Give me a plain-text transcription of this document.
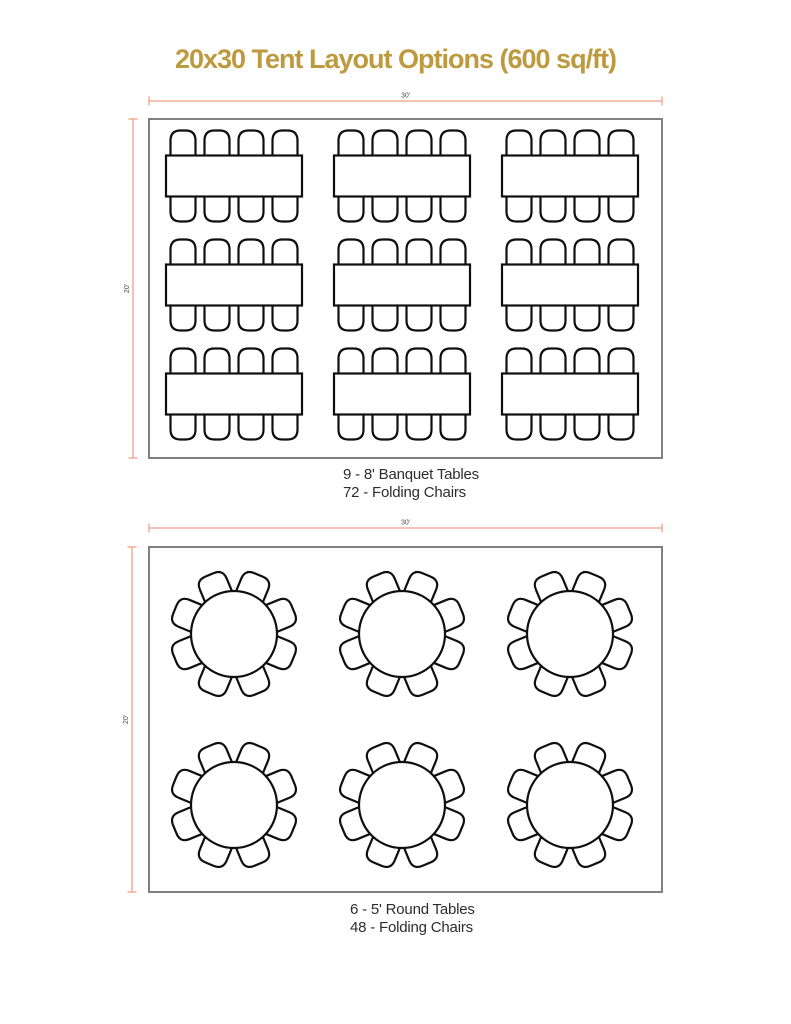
20x30 Tent Layout Options (600 sq/ft)
30'
20'
30'
20'
9 - 8' Banquet Tables
72 - Folding Chairs
6 - 5' Round Tables
48 - Folding Chairs
